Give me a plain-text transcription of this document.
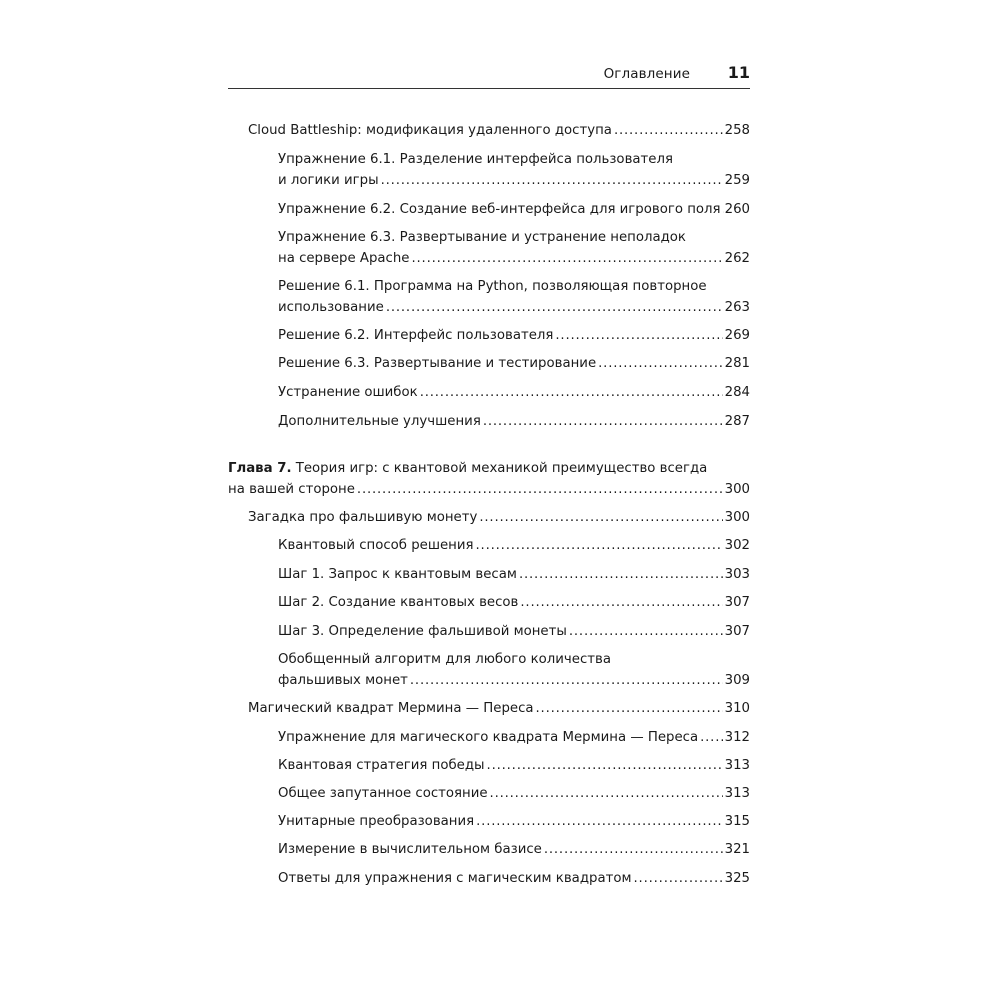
Оглавление 11
Cloud Battleship: модификация удаленного доступа .....	258
Упражнение 6.1. Разделение интерфейса пользователя
и логики игры .....	259
Упражнение 6.2. Создание веб-интерфейса для игрового поля ..... 260
Упражнение 6.3. Развертывание и устранение неполадок
на сервере Apache .....	262
Решение 6.1. Программа на Python, позволяющая повторное
использование .....	263
Решение 6.2. Интерфейс пользователя .....	269
Решение 6.3. Развертывание и тестирование .....	281
Устранение ошибок .....	284
Дополнительные улучшения .....	287
Глава 7. Теория игр: с квантовой механикой преимущество всегда
на вашей стороне .....	300
Загадка про фальшивую монету .....	300
Квантовый способ решения .....	302
Шаг 1. Запрос к квантовым весам .....	303
Шаг 2. Создание квантовых весов .....	307
Шаг 3. Определение фальшивой монеты .....	307
Обобщенный алгоритм для любого количества
фальшивых монет .....	309
Магический квадрат Мермина — Переса .....	310
Упражнение для магического квадрата Мермина — Переса ..... 312
Квантовая стратегия победы .....	313
Общее запутанное состояние .....	313
Унитарные преобразования .....	315
Измерение в вычислительном базисе .....	321
Ответы для упражнения с магическим квадратом .....	325
